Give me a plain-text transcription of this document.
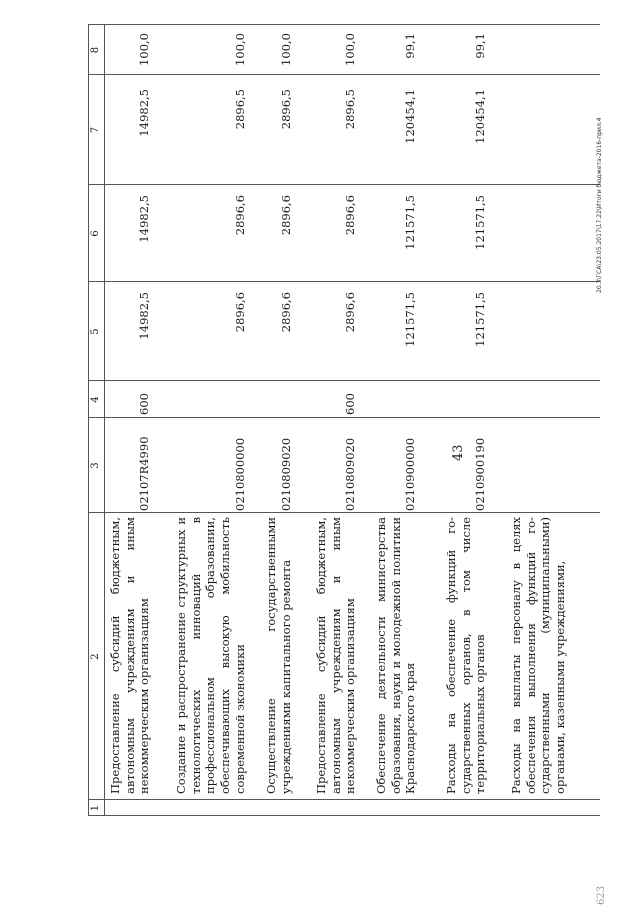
43
1
2
3
4
5
6
7
8
Предоставление субсидий бюджетным, автономным учреждениям и иным некоммерческим организациям
02107R4990
600
14982,5
14982,5
14982,5
100,0
Создание и распространение структурных и технологических инноваций в профессиональном образовании, обеспечивающих высокую мобильность современной экономики
0210800000
2896,6
2896,6
2896,5
100,0
Осуществление государственными учреждениями капитального ремонта
0210809020
2896,6
2896,6
2896,5
100,0
Предоставление субсидий бюджетным, автономным учреждениям и иным некоммерческим организациям
0210809020
600
2896,6
2896,6
2896,5
100,0
Обеспечение деятельности министерства образования, науки и молодежной политики Краснодарского края
0210900000
121571,5
121571,5
120454,1
99,1
Расходы на обеспечение функций государственных органов, в том числе территориальных органов
0210900190
121571,5
121571,5
120454,1
99,1
Расходы на выплаты персоналу в целях обеспечения выполнения функций государственными (муниципальными) органами, казенными учреждениями,
20.3\ГСА\23.05.2017\17.22\Итоги бюджета-2016-прил.4
623
